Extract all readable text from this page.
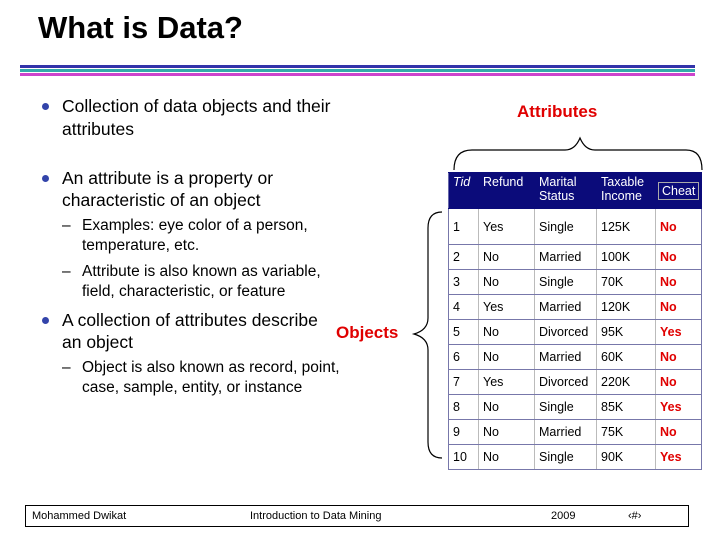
What is Data?
Collection of data objects and their attributes
An attribute is a property or characteristic of an object
– Examples: eye color of a person, temperature, etc.
– Attribute is also known as variable, field, characteristic, or feature
A collection of attributes describe an object
– Object is also known as record, point, case, sample, entity, or instance
Attributes
Objects
Tid	Refund	Marital Status	Taxable Income	Cheat
1	Yes	Single	125K	No
2	No	Married	100K	No
3	No	Single	70K	No
4	Yes	Married	120K	No
5	No	Divorced	95K	Yes
6	No	Married	60K	No
7	Yes	Divorced	220K	No
8	No	Single	85K	Yes
9	No	Married	75K	No
10	No	Single	90K	Yes
Mohammed Dwikat	Introduction to Data Mining	2009	‹#›
